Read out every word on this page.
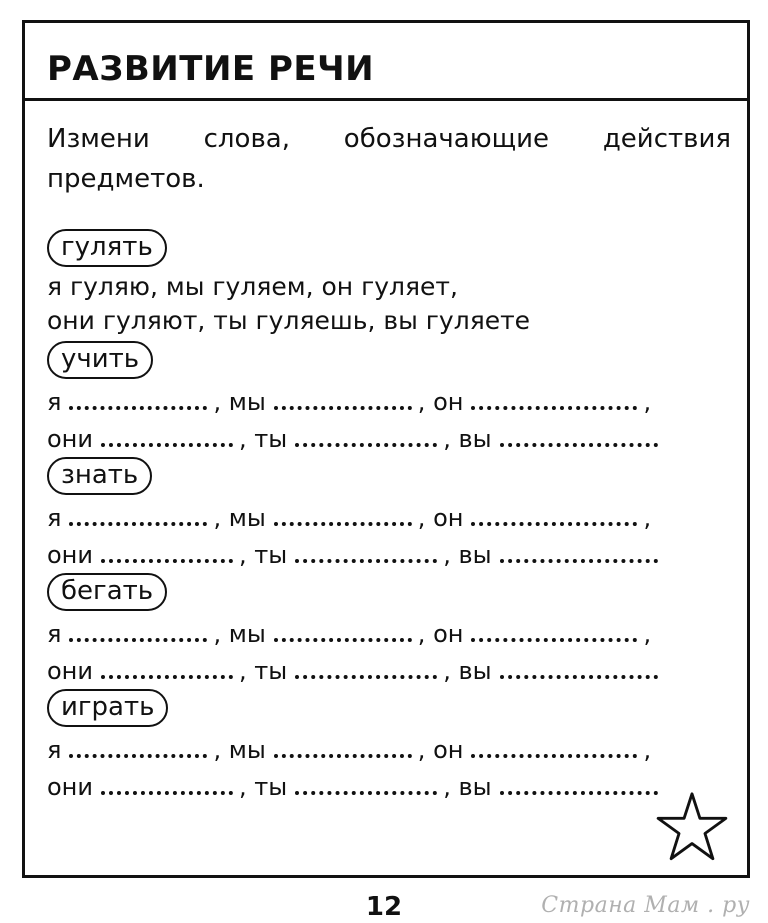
РАЗВИТИЕ РЕЧИ
Измени слова, обозначающие действия предметов.
гулять
я гуляю, мы гуляем, он гуляет,
они гуляют, ты гуляешь, вы гуляете
учить
я	, мы	, он	,
они	, ты	, вы
знать
я	, мы	, он	,
они	, ты	, вы
бегать
я	, мы	, он	,
они	, ты	, вы
играть
я	, мы	, он	,
они	, ты	, вы
12	Страна Мам . ру
